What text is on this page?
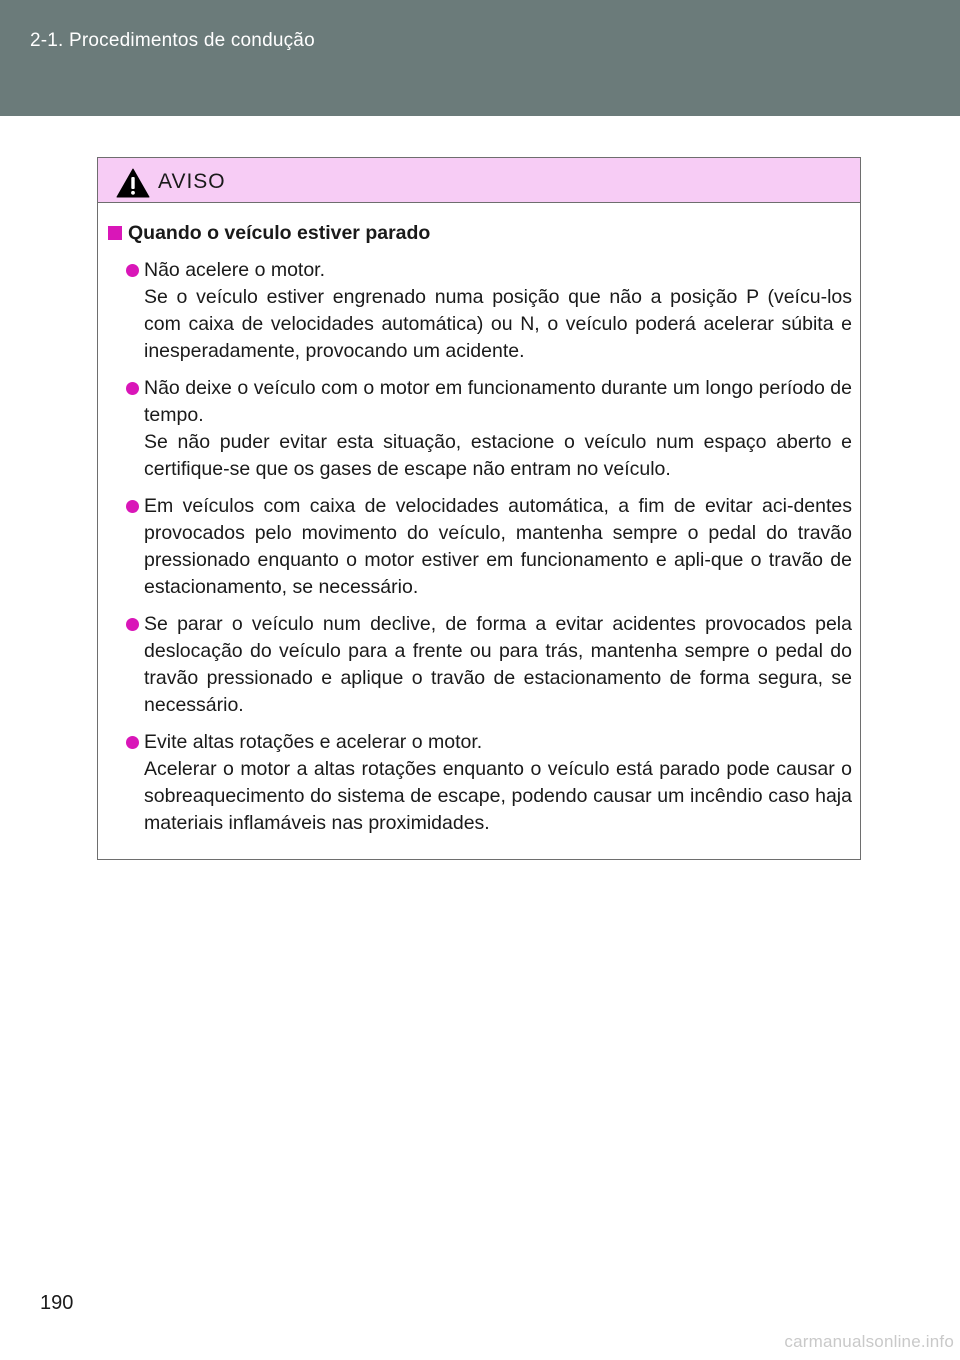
2-1. Procedimentos de condução
AVISO
Quando o veículo estiver parado

Não acelere o motor.

Se o veículo estiver engrenado numa posição que não a posição P (veícu-los com caixa de velocidades automática) ou N, o veículo poderá acelerar súbita e inesperadamente, provocando um acidente.

Não deixe o veículo com o motor em funcionamento durante um longo período de tempo.

Se não puder evitar esta situação, estacione o veículo num espaço aberto e certifique-se que os gases de escape não entram no veículo.

Em veículos com caixa de velocidades automática, a fim de evitar aci-dentes provocados pelo movimento do veículo, mantenha sempre o pedal do travão pressionado enquanto o motor estiver em funcionamento e apli-que o travão de estacionamento, se necessário.

Se parar o veículo num declive, de forma a evitar acidentes provocados pela deslocação do veículo para a frente ou para trás, mantenha sempre o pedal do travão pressionado e aplique o travão de estacionamento de forma segura, se necessário.

Evite altas rotações e acelerar o motor.

Acelerar o motor a altas rotações enquanto o veículo está parado pode causar o sobreaquecimento do sistema de escape, podendo causar um incêndio caso haja materiais inflamáveis nas proximidades.

190
carmanualsonline.info
